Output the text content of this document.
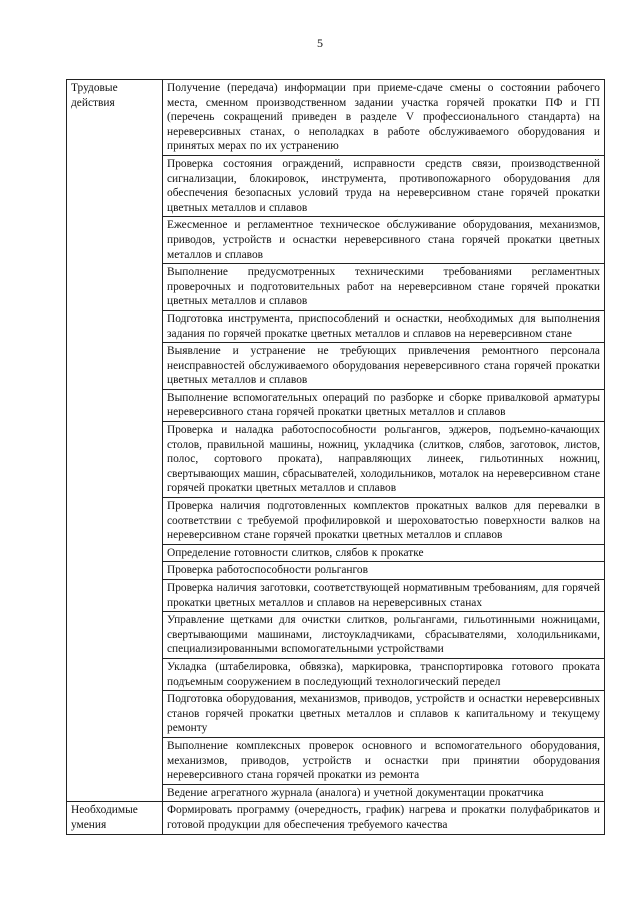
5
Трудовые действия	Получение (передача) информации при приеме-сдаче смены о состоянии рабочего места, сменном производственном задании участка горячей прокатки ПФ и ГП (перечень сокращений приведен в разделе V профессионального стандарта) на нереверсивных станах, о неполадках в работе обслуживаемого оборудования и принятых мерах по их устранению
	Проверка состояния ограждений, исправности средств связи, производственной сигнализации, блокировок, инструмента, противопожарного оборудования для обеспечения безопасных условий труда на нереверсивном стане горячей прокатки цветных металлов и сплавов
	Ежесменное и регламентное техническое обслуживание оборудования, механизмов, приводов, устройств и оснастки нереверсивного стана горячей прокатки цветных металлов и сплавов
	Выполнение предусмотренных техническими требованиями регламентных проверочных и подготовительных работ на нереверсивном стане горячей прокатки цветных металлов и сплавов
	Подготовка инструмента, приспособлений и оснастки, необходимых для выполнения задания по горячей прокатке цветных металлов и сплавов на нереверсивном стане
	Выявление и устранение не требующих привлечения ремонтного персонала неисправностей обслуживаемого оборудования нереверсивного стана горячей прокатки цветных металлов и сплавов
	Выполнение вспомогательных операций по разборке и сборке привалковой арматуры нереверсивного стана горячей прокатки цветных металлов и сплавов
	Проверка и наладка работоспособности рольгангов, эджеров, подъемно-качающих столов, правильной машины, ножниц, укладчика (слитков, слябов, заготовок, листов, полос, сортового проката), направляющих линеек, гильотинных ножниц, свертывающих машин, сбрасывателей, холодильников, моталок на нереверсивном стане горячей прокатки цветных металлов и сплавов
	Проверка наличия подготовленных комплектов прокатных валков для перевалки в соответствии с требуемой профилировкой и шероховатостью поверхности валков на нереверсивном стане горячей прокатки цветных металлов и сплавов
	Определение готовности слитков, слябов к прокатке
	Проверка работоспособности рольгангов
	Проверка наличия заготовки, соответствующей нормативным требованиям, для горячей прокатки цветных металлов и сплавов на нереверсивных станах
	Управление щетками для очистки слитков, рольгангами, гильотинными ножницами, свертывающими машинами, листоукладчиками, сбрасывателями, холодильниками, специализированными вспомогательными устройствами
	Укладка (штабелировка, обвязка), маркировка, транспортировка готового проката подъемным сооружением в последующий технологический передел
	Подготовка оборудования, механизмов, приводов, устройств и оснастки нереверсивных станов горячей прокатки цветных металлов и сплавов к капитальному и текущему ремонту
	Выполнение комплексных проверок основного и вспомогательного оборудования, механизмов, приводов, устройств и оснастки при принятии оборудования нереверсивного стана горячей прокатки из ремонта
	Ведение агрегатного журнала (аналога) и учетной документации прокатчика
Необходимые умения	Формировать программу (очередность, график) нагрева и прокатки полуфабрикатов и готовой продукции для обеспечения требуемого качества
